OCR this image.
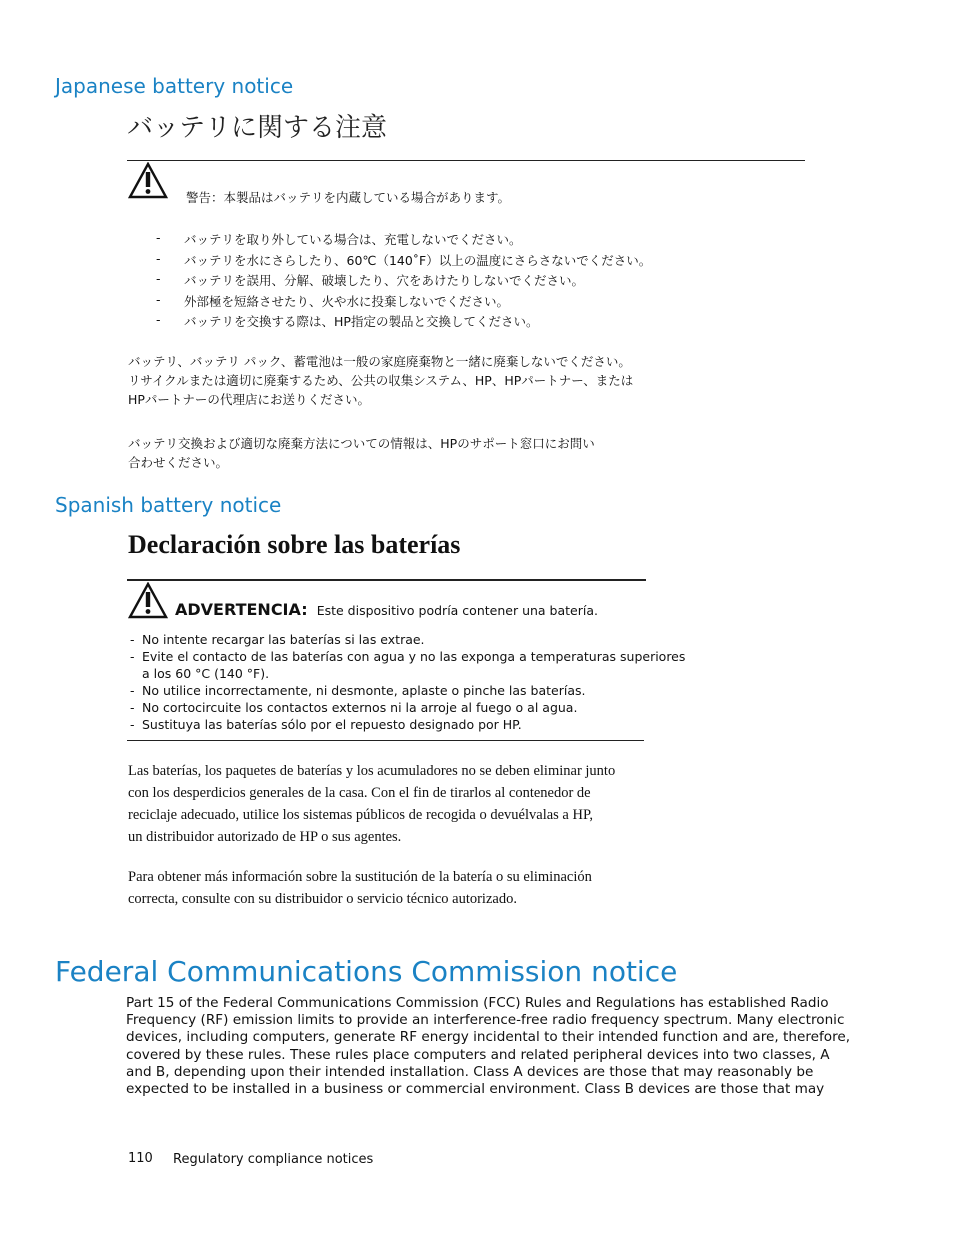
Japanese battery notice
バッテリに関する注意
警告：本製品はバッテリを内蔵している場合があります。
- バッテリを取り外している場合は、充電しないでください。
- バッテリを水にさらしたり、60℃（140˚F）以上の温度にさらさないでください。
- バッテリを誤用、分解、破壊したり、穴をあけたりしないでください。
- 外部極を短絡させたり、火や水に投棄しないでください。
- バッテリを交換する際は、HP指定の製品と交換してください。
バッテリ、バッテリ パック、蓄電池は一般の家庭廃棄物と一緒に廃棄しないでください。
リサイクルまたは適切に廃棄するため、公共の収集システム、HP、HPパートナー、または
HPパートナーの代理店にお送りください。
バッテリ交換および適切な廃棄方法についての情報は、HPのサポート窓口にお問い
合わせください。
Spanish battery notice
Declaración sobre las baterías
ADVERTENCIA: Este dispositivo podría contener una batería.
- No intente recargar las baterías si las extrae.
- Evite el contacto de las baterías con agua y no las exponga a temperaturas superiores
a los 60 °C (140 °F).
- No utilice incorrectamente, ni desmonte, aplaste o pinche las baterías.
- No cortocircuite los contactos externos ni la arroje al fuego o al agua.
- Sustituya las baterías sólo por el repuesto designado por HP.
Las baterías, los paquetes de baterías y los acumuladores no se deben eliminar junto
con los desperdicios generales de la casa. Con el fin de tirarlos al contenedor de
reciclaje adecuado, utilice los sistemas públicos de recogida o devuélvalas a HP,
un distribuidor autorizado de HP o sus agentes.
Para obtener más información sobre la sustitución de la batería o su eliminación
correcta, consulte con su distribuidor o servicio técnico autorizado.
Federal Communications Commission notice
Part 15 of the Federal Communications Commission (FCC) Rules and Regulations has established Radio
Frequency (RF) emission limits to provide an interference-free radio frequency spectrum. Many electronic
devices, including computers, generate RF energy incidental to their intended function and are, therefore,
covered by these rules. These rules place computers and related peripheral devices into two classes, A
and B, depending upon their intended installation. Class A devices are those that may reasonably be
expected to be installed in a business or commercial environment. Class B devices are those that may
110 Regulatory compliance notices
